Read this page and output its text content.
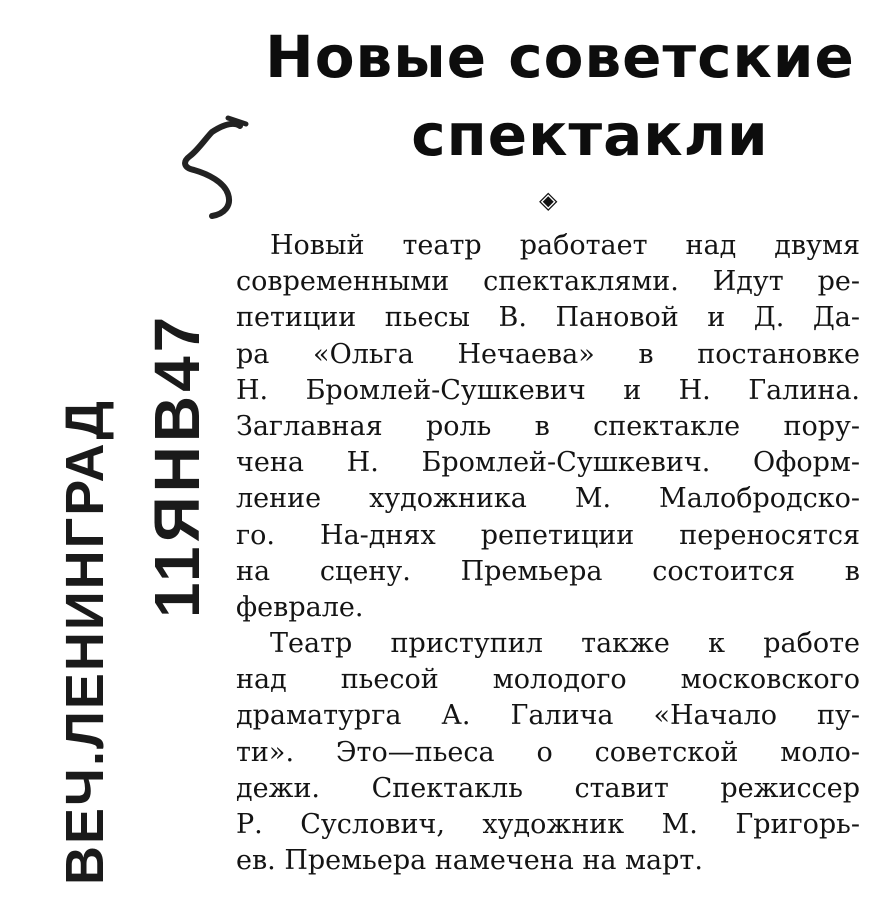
Новые советские
спектакли
◈
ВЕЧ.ЛЕНИНГРАД 11ЯНВ47
Новый театр работает над двумя
современными спектаклями. Идут ре-
петиции пьесы В. Пановой и Д. Да-
ра «Ольга Нечаева» в постановке
Н. Бромлей-Сушкевич и Н. Галина.
Заглавная роль в спектакле пору-
чена Н. Бромлей-Сушкевич. Оформ-
ление художника М. Малобродско-
го. На-днях репетиции переносятся
на сцену. Премьера состоится в
феврале.
Театр приступил также к работе
над пьесой молодого московского
драматурга А. Галича «Начало пу-
ти». Это—пьеса о советской моло-
дежи. Спектакль ставит режиссер
Р. Суслович, художник М. Григорь-
ев. Премьера намечена на март.
